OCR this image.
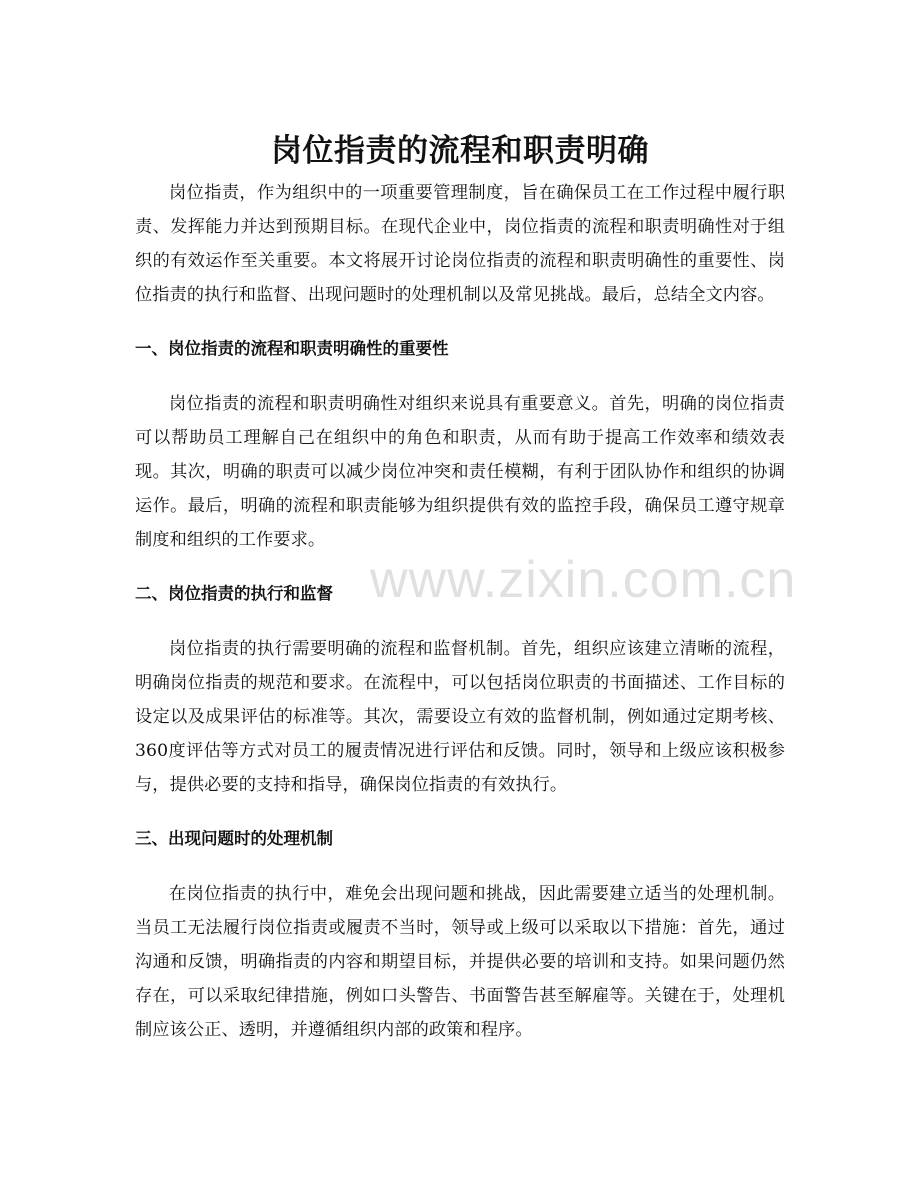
岗位指责的流程和职责明确

岗位指责，作为组织中的一项重要管理制度，旨在确保员工在工作过程中履行职责、发挥能力并达到预期目标。在现代企业中，岗位指责的流程和职责明确性对于组织的有效运作至关重要。本文将展开讨论岗位指责的流程和职责明确性的重要性、岗位指责的执行和监督、出现问题时的处理机制以及常见挑战。最后，总结全文内容。

一、岗位指责的流程和职责明确性的重要性

岗位指责的流程和职责明确性对组织来说具有重要意义。首先，明确的岗位指责可以帮助员工理解自己在组织中的角色和职责，从而有助于提高工作效率和绩效表现。其次，明确的职责可以减少岗位冲突和责任模糊，有利于团队协作和组织的协调运作。最后，明确的流程和职责能够为组织提供有效的监控手段，确保员工遵守规章制度和组织的工作要求。

二、岗位指责的执行和监督

岗位指责的执行需要明确的流程和监督机制。首先，组织应该建立清晰的流程，明确岗位指责的规范和要求。在流程中，可以包括岗位职责的书面描述、工作目标的设定以及成果评估的标准等。其次，需要设立有效的监督机制，例如通过定期考核、360度评估等方式对员工的履责情况进行评估和反馈。同时，领导和上级应该积极参与，提供必要的支持和指导，确保岗位指责的有效执行。

三、出现问题时的处理机制

在岗位指责的执行中，难免会出现问题和挑战，因此需要建立适当的处理机制。当员工无法履行岗位指责或履责不当时，领导或上级可以采取以下措施：首先，通过沟通和反馈，明确指责的内容和期望目标，并提供必要的培训和支持。如果问题仍然存在，可以采取纪律措施，例如口头警告、书面警告甚至解雇等。关键在于，处理机制应该公正、透明，并遵循组织内部的政策和程序。

www.zixin.com.cn
